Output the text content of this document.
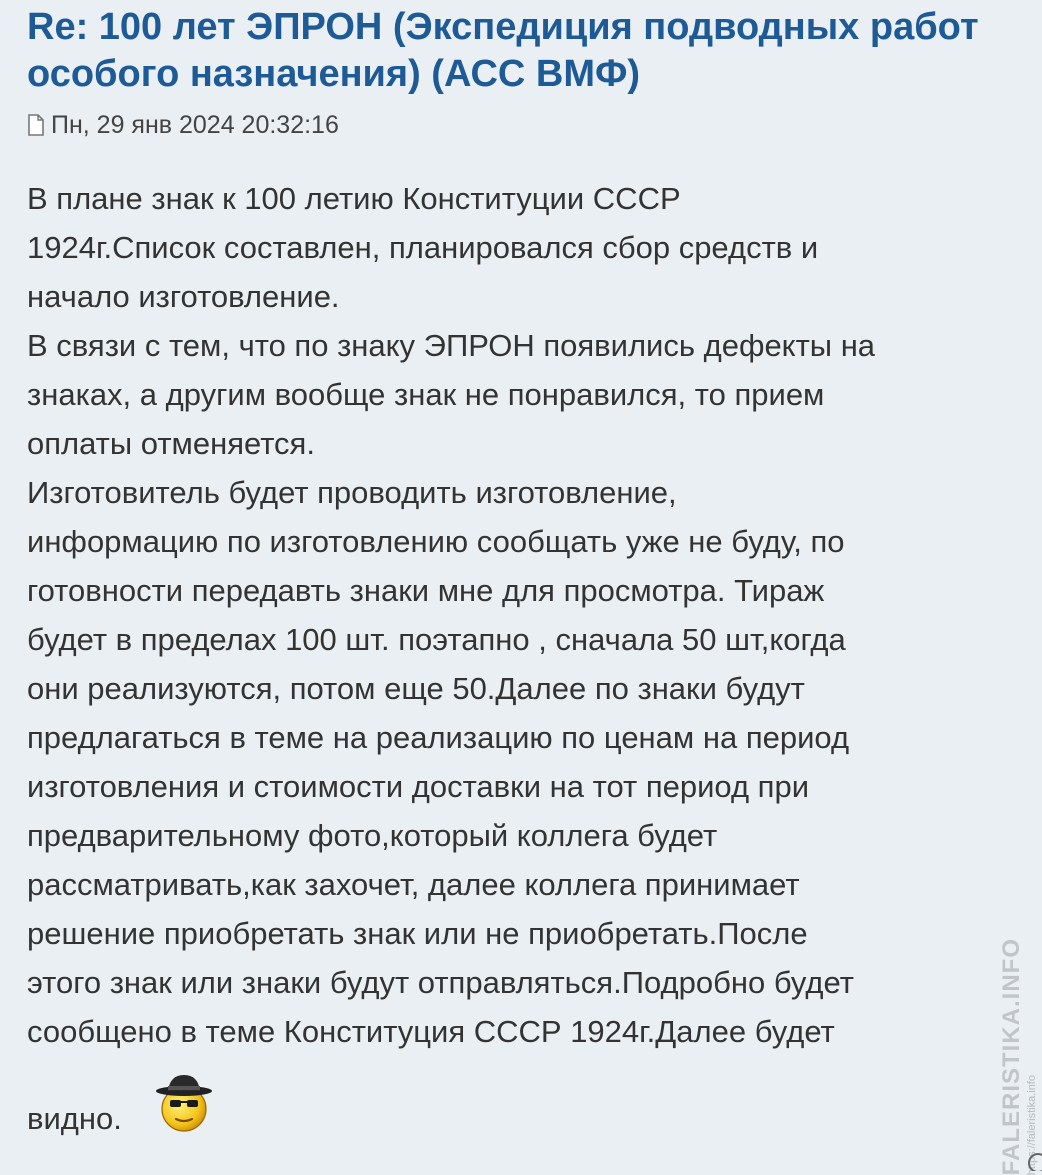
Re: 100 лет ЭПРОН (Экспедиция подводных работ особого назначения) (АСС ВМФ)
Пн, 29 янв 2024 20:32:16
В плане знак к 100 летию Конституции СССР
1924г.Список составлен, планировался сбор средств и
начало изготовление.
В связи с тем, что по знаку ЭПРОН появились дефекты на
знаках, а другим вообще знак не понравился, то прием
оплаты отменяется.
Изготовитель будет проводить изготовление,
информацию по изготовлению сообщать уже не буду, по
готовности передавть знаки мне для просмотра. Тираж
будет в пределах 100 шт. поэтапно , сначала 50 шт,когда
они реализуются, потом еще 50.Далее по знаки будут
предлагаться в теме на реализацию по ценам на период
изготовления и стоимости доставки на тот период при
предварительному фото,который коллега будет
рассматривать,как захочет, далее коллега принимает
решение приобретать знак или не приобретать.После
этого знак или знаки будут отправляться.Подробно будет
сообщено в теме Конституция СССР 1924г.Далее будет
видно.	FALERISTIKA.INFO https://faleristika.info
